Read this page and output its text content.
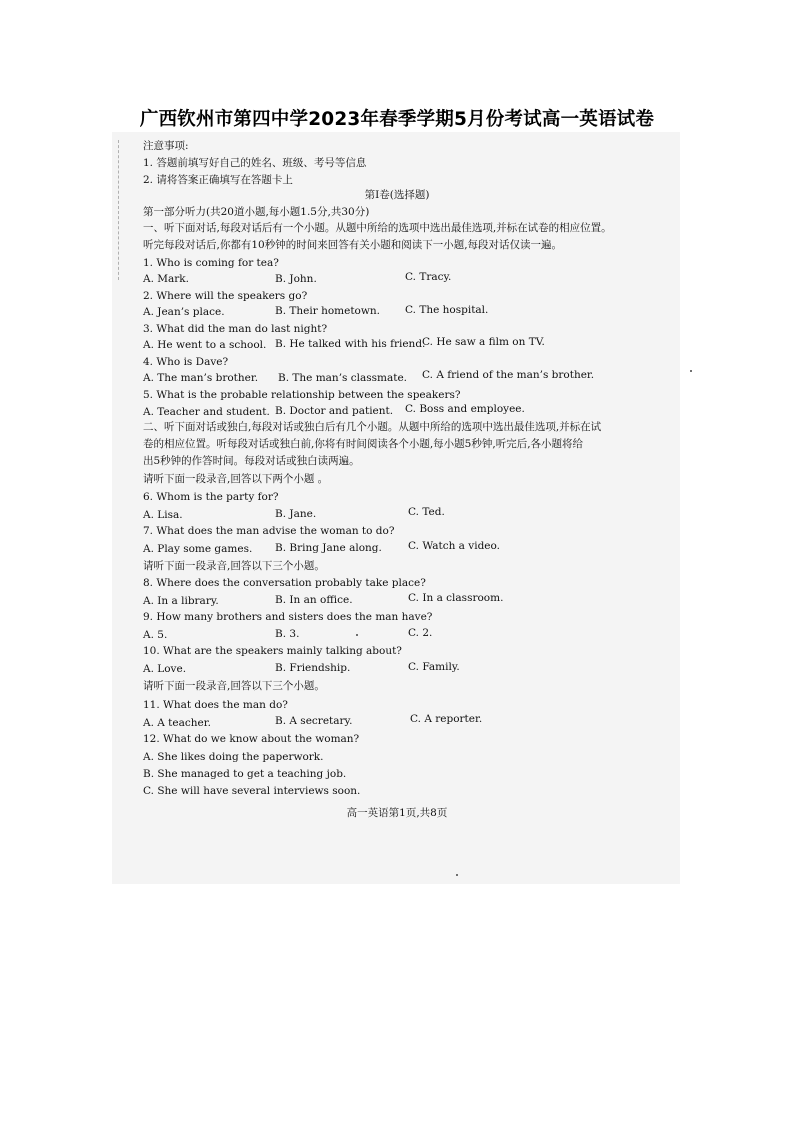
广西钦州市第四中学2023年春季学期5月份考试高一英语试卷
注意事项:
1. 答题前填写好自己的姓名、班级、考号等信息
2. 请将答案正确填写在答题卡上
第Ⅰ卷(选择题)
第一部分听力(共20道小题,每小题1.5分,共30分)
一、听下面对话,每段对话后有一个小题。从题中所给的选项中选出最佳选项,并标在试卷的相应位置。
听完每段对话后,你都有10秒钟的时间来回答有关小题和阅读下一小题,每段对话仅读一遍。
1. Who is coming for tea?
A. Mark.	B. John.	C. Tracy.
2. Where will the speakers go?
A. Jean’s place.	B. Their hometown. C. The hospital.
3. What did the man do last night?
A. He went to a school. B. He talked with his friend.
C. He saw a film on TV.
4. Who is Dave?
A. The man’s brother. B. The man’s classmate. C. A friend of the man’s brother.
5. What is the probable relationship between the speakers?
A. Teacher and student. B. Doctor and patient. C. Boss and employee.
二、听下面对话或独白,每段对话或独白后有几个小题。从题中所给的选项中选出最佳选项,并标在试
卷的相应位置。听每段对话或独白前,你将有时间阅读各个小题,每小题5秒钟,听完后,各小题将给
出5秒钟的作答时间。每段对话或独白读两遍。
请听下面一段录音,回答以下两个小题 。
6. Whom is the party for?
A. Lisa.	B. Jane.	C. Ted.
7. What does the man advise the woman to do?
A. Play some games. B. Bring Jane along. C. Watch a video.
请听下面一段录音,回答以下三个小题。
8. Where does the conversation probably take place?
A. In a library.	B. In an office.	C. In a classroom.
9. How many brothers and sisters does the man have?
A. 5.	B. 3.	C. 2.
10. What are the speakers mainly talking about?
A. Love.	B. Friendship.	C. Family.
请听下面一段录音,回答以下三个小题。
11. What does the man do?
A. A teacher.	B. A secretary.	C. A reporter.
12. What do we know about the woman?
A. She likes doing the paperwork.
B. She managed to get a teaching job.
C. She will have several interviews soon.
高一英语第1页,共8页
